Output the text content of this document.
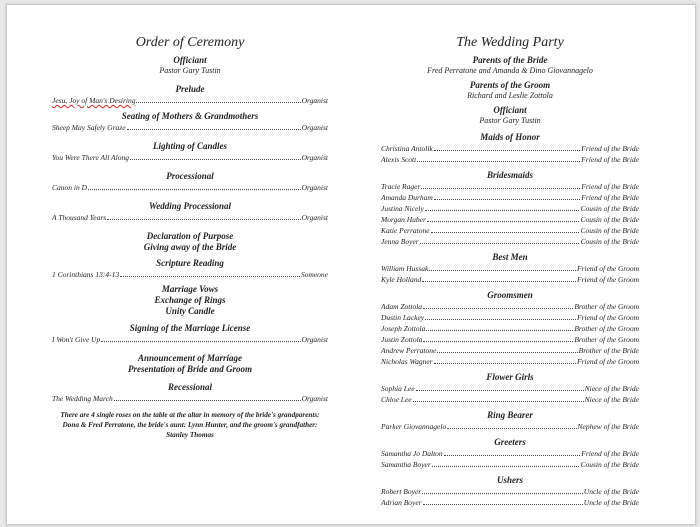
Order of Ceremony
Officiant
Pastor Gary Tustin
Prelude
Jesu, Joy of Man's Desiring	Organist
Seating of Mothers & Grandmothers
Sheep May Safely Graze	Organist
Lighting of Candles
You Were There All Along	Organist
Processional
Canon in D	Organist
Wedding Processional
A Thousand Years	Organist
Declaration of Purpose
Giving away of the Bride
Scripture Reading
1 Corinthians 13:4-13	Someone
Marriage Vows
Exchange of Rings
Unity Candle
Signing of the Marriage License
I Won't Give Up	Organist
Announcement of Marriage
Presentation of Bride and Groom
Recessional
The Wedding March	Organist
There are 4 single roses on the table at the altar in memory of the bride's grandparents:
Dona & Fred Perratone, the bride's aunt: Lynn Hunter, and the groom's grandfather:
Stanley Thomas
The Wedding Party
Parents of the Bride
Fred Perratone and Amanda & Dino Giovannagelo
Parents of the Groom
Richard and Leslie Zottola
Officiant
Pastor Gary Tustin
Maids of Honor
Christina Antolik	Friend of the Bride
Alexis Scott	Friend of the Bride
Bridesmaids
Tracie Rager	Friend of the Bride
Amanda Durham	Friend of the Bride
Justina Nicely	Cousin of the Bride
Morgan Huber	Cousin of the Bride
Katie Perratone	Cousin of the Bride
Jenna Boyer	Cousin of the Bride
Best Men
William Hussak	Friend of the Groom
Kyle Holland	Friend of the Groom
Groomsmen
Adam Zottola	Brother of the Groom
Dustin Lackey	Friend of the Groom
Joseph Zottola	Brother of the Groom
Justin Zottola	Brother of the Groom
Andrew Perratone	Brother of the Bride
Nicholas Wagner	Friend of the Groom
Flower Girls
Sophia Lee	Niece of the Bride
Chloe Lee	Niece of the Bride
Ring Bearer
Parker Giovannagelo	Nephew of the Bride
Greeters
Samantha Jo Dalton	Friend of the Bride
Samantha Boyer	Cousin of the Bride
Ushers
Robert Boyer	Uncle of the Bride
Adrian Boyer	Uncle of the Bride
